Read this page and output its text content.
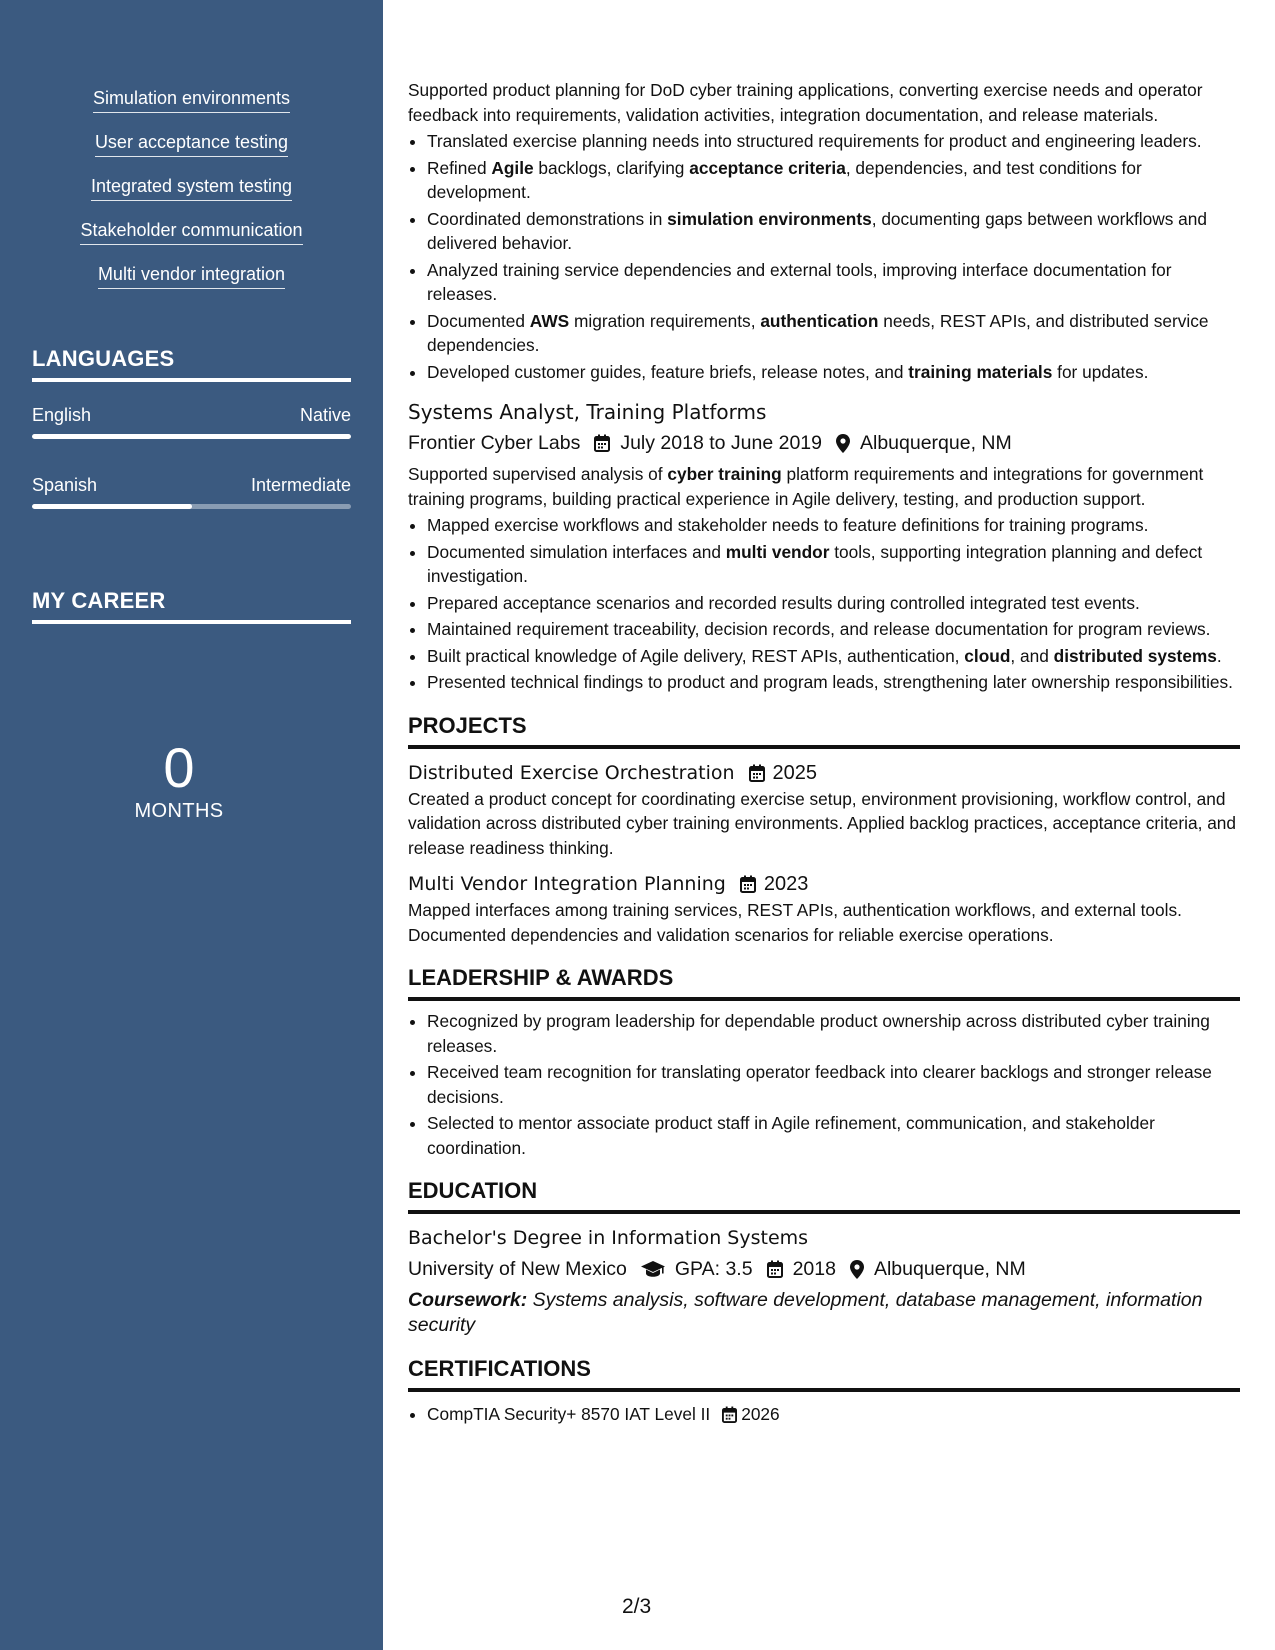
Simulation environments
User acceptance testing
Integrated system testing
Stakeholder communication
Multi vendor integration
LANGUAGES
English	Native
Spanish	Intermediate
MY CAREER
0
MONTHS

Supported product planning for DoD cyber training applications, converting exercise needs and operator feedback into requirements, validation activities, integration documentation, and release materials.

• Translated exercise planning needs into structured requirements for product and engineering leaders.
• Refined Agile backlogs, clarifying acceptance criteria, dependencies, and test conditions for development.
• Coordinated demonstrations in simulation environments, documenting gaps between workflows and delivered behavior.
• Analyzed training service dependencies and external tools, improving interface documentation for releases.
• Documented AWS migration requirements, authentication needs, REST APIs, and distributed service dependencies.
• Developed customer guides, feature briefs, release notes, and training materials for updates.
Systems Analyst, Training Platforms
Frontier Cyber Labs July 2018 to June 2019 Albuquerque, NM

Supported supervised analysis of cyber training platform requirements and integrations for government training programs, building practical experience in Agile delivery, testing, and production support.

• Mapped exercise workflows and stakeholder needs to feature definitions for training programs.
• Documented simulation interfaces and multi vendor tools, supporting integration planning and defect investigation.
• Prepared acceptance scenarios and recorded results during controlled integrated test events.
• Maintained requirement traceability, decision records, and release documentation for program reviews.
• Built practical knowledge of Agile delivery, REST APIs, authentication, cloud, and distributed systems.
• Presented technical findings to product and program leads, strengthening later ownership responsibilities.
PROJECTS
Distributed Exercise Orchestration 2025

Created a product concept for coordinating exercise setup, environment provisioning, workflow control, and validation across distributed cyber training environments. Applied backlog practices, acceptance criteria, and release readiness thinking.

Multi Vendor Integration Planning 2023

Mapped interfaces among training services, REST APIs, authentication workflows, and external tools. Documented dependencies and validation scenarios for reliable exercise operations.

LEADERSHIP & AWARDS
• Recognized by program leadership for dependable product ownership across distributed cyber training releases.
• Received team recognition for translating operator feedback into clearer backlogs and stronger release decisions.
• Selected to mentor associate product staff in Agile refinement, communication, and stakeholder coordination.
EDUCATION
Bachelor's Degree in Information Systems
University of New Mexico GPA: 3.5 2018 Albuquerque, NM

Coursework: Systems analysis, software development, database management, information security

CERTIFICATIONS
• CompTIA Security+ 8570 IAT Level II 2026
2/3
